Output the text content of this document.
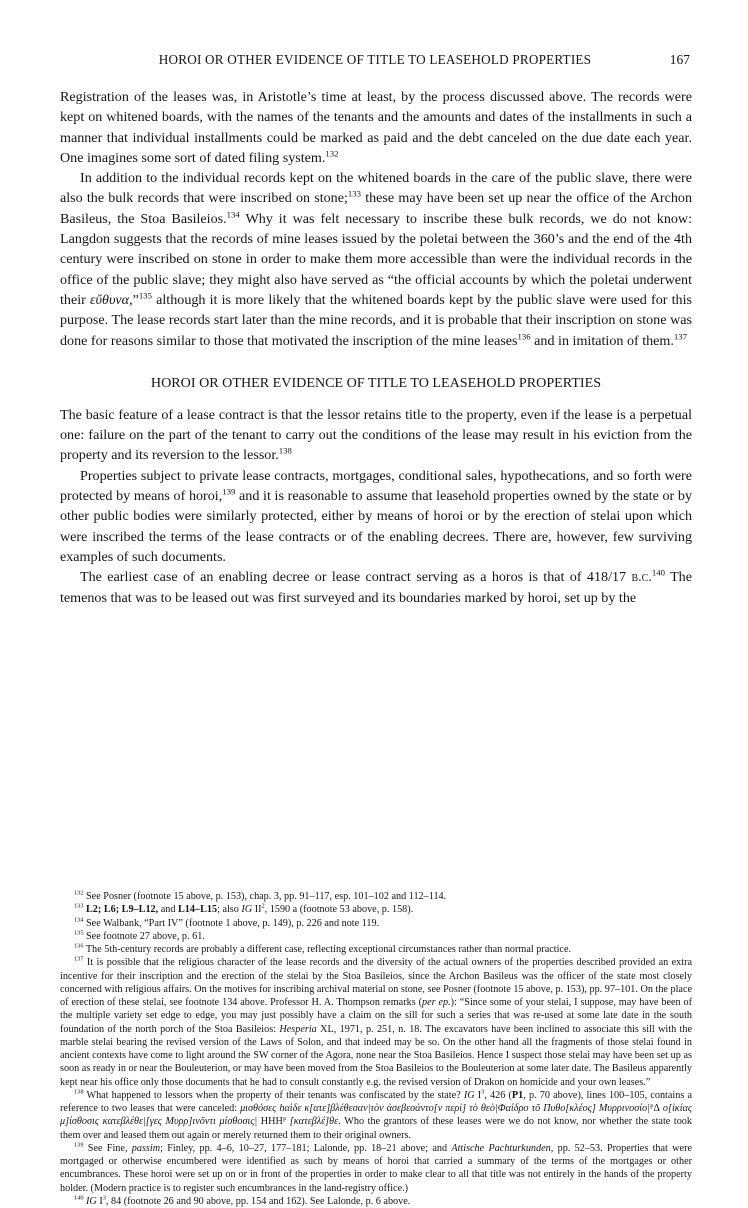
HOROI OR OTHER EVIDENCE OF TITLE TO LEASEHOLD PROPERTIES	167

Registration of the leases was, in Aristotle’s time at least, by the process discussed above. The records were kept on whitened boards, with the names of the tenants and the amounts and dates of the installments in such a manner that individual installments could be marked as paid and the debt canceled on the due date each year. One imagines some sort of dated filing system.$^{132}$

In addition to the individual records kept on the whitened boards in the care of the public slave, there were also the bulk records that were inscribed on stone;$^{133}$ these may have been set up near the office of the Archon Basileus, the Stoa Basileios.$^{134}$ Why it was felt necessary to inscribe these bulk records, we do not know: Langdon suggests that the records of mine leases issued by the poletai between the 360’s and the end of the 4th century were inscribed on stone in order to make them more accessible than were the individual records in the office of the public slave; they might also have served as “the official accounts by which the poletai underwent their εὔθυνα,”$^{135}$ although it is more likely that the whitened boards kept by the public slave were used for this purpose. The lease records start later than the mine records, and it is probable that their inscription on stone was done for reasons similar to those that motivated the inscription of the mine leases$^{136}$ and in imitation of them.$^{137}$

HOROI OR OTHER EVIDENCE OF TITLE TO LEASEHOLD PROPERTIES

The basic feature of a lease contract is that the lessor retains title to the property, even if the lease is a perpetual one: failure on the part of the tenant to carry out the conditions of the lease may result in his eviction from the property and its reversion to the lessor.$^{138}$

Properties subject to private lease contracts, mortgages, conditional sales, hypothecations, and so forth were protected by means of horoi,$^{139}$ and it is reasonable to assume that leasehold properties owned by the state or by other public bodies were similarly protected, either by means of horoi or by the erection of stelai upon which were inscribed the terms of the lease contracts or of the enabling decrees. There are, however, few surviving examples of such documents.

The earliest case of an enabling decree or lease contract serving as a horos is that of 418/17 b.c.$^{140}$ The temenos that was to be leased out was first surveyed and its boundaries marked by horoi, set up by the

$^{132}$ See Posner (footnote 15 above, p. 153), chap. 3, pp. 91–117, esp. 101–102 and 112–114.

$^{133}$ L2; L6; L9–L12, and L14–L15; also IG $II^2$, 1590 a (footnote 53 above, p. 158).

$^{134}$ See Walbank, “Part IV” (footnote 1 above, p. 149), p. 226 and note 119.

$^{135}$ See footnote 27 above, p. 61.

$^{136}$ The 5th-century records are probably a different case, reflecting exceptional circumstances rather than normal practice.

$^{137}$ It is possible that the religious character of the lease records and the diversity of the actual owners of the properties described provided an extra incentive for their inscription and the erection of the stelai by the Stoa Basileios, since the Archon Basileus was the officer of the state most closely concerned with religious affairs. On the motives for inscribing archival material on stone, see Posner (footnote 15 above, p. 153), pp. 97–101. On the place of erection of these stelai, see footnote 134 above. Professor H. A. Thompson remarks (per ep.): “Since some of your stelai, I suppose, may have been of the multiple variety set edge to edge, you may just possibly have a claim on the sill for such a series that was re-used at some late date in the south foundation of the north porch of the Stoa Basileios: Hesperia XL, 1971, p. 251, n. 18. The excavators have been inclined to associate this sill with the marble stelai bearing the revised version of the Laws of Solon, and that indeed may be so. On the other hand all the fragments of those stelai found in ancient contexts have come to light around the SW corner of the Agora, none near the Stoa Basileios. Hence I suspect those stelai may have been set up as soon as ready in or near the Bouleuterion, or may have been moved from the Stoa Basileios to the Bouleuterion at some later date. The Basileus apparently kept near his office only those documents that he had to consult constantly e.g. the revised version of Drakon on homicide and your own leases.”

$^{138}$ What happened to lessors when the property of their tenants was confiscated by the state? IG $I^3$, 426 (P1, p. 70 above), lines 100–105, contains a reference to two leases that were canceled: μισθόσες hαὶδε κ[ατε]βλέθεσαν|τὸν ἀσεβεσάντο[ν περὶ] τὸ θεὸ|Φαίδρο τõ Πυθο[κλέος] Μυρρινοσίο|ᴾΔ ο[ἰκίας μ]ίσθοσις κατεβλέθε|[γες Μυρρ]ινõντι μίσθοσις| ΗΗΗᴾ [κατεβλέ]θε. Who the grantors of these leases were we do not know, nor whether the state took them over and leased them out again or merely returned them to their original owners.

$^{139}$ See Fine, passim; Finley, pp. 4–6, 10–27, 177–181; Lalonde, pp. 18–21 above; and Attische Pachturkunden, pp. 52–53. Properties that were mortgaged or otherwise encumbered were identified as such by means of horoi that carried a summary of the terms of the mortgages or other encumbrances. These horoi were set up on or in front of the properties in order to make clear to all that title was not entirely in the hands of the property holder. (Modern practice is to register such encumbrances in the land-registry office.)

$^{140}$ IG $I^3$, 84 (footnote 26 and 90 above, pp. 154 and 162). See Lalonde, p. 6 above.
